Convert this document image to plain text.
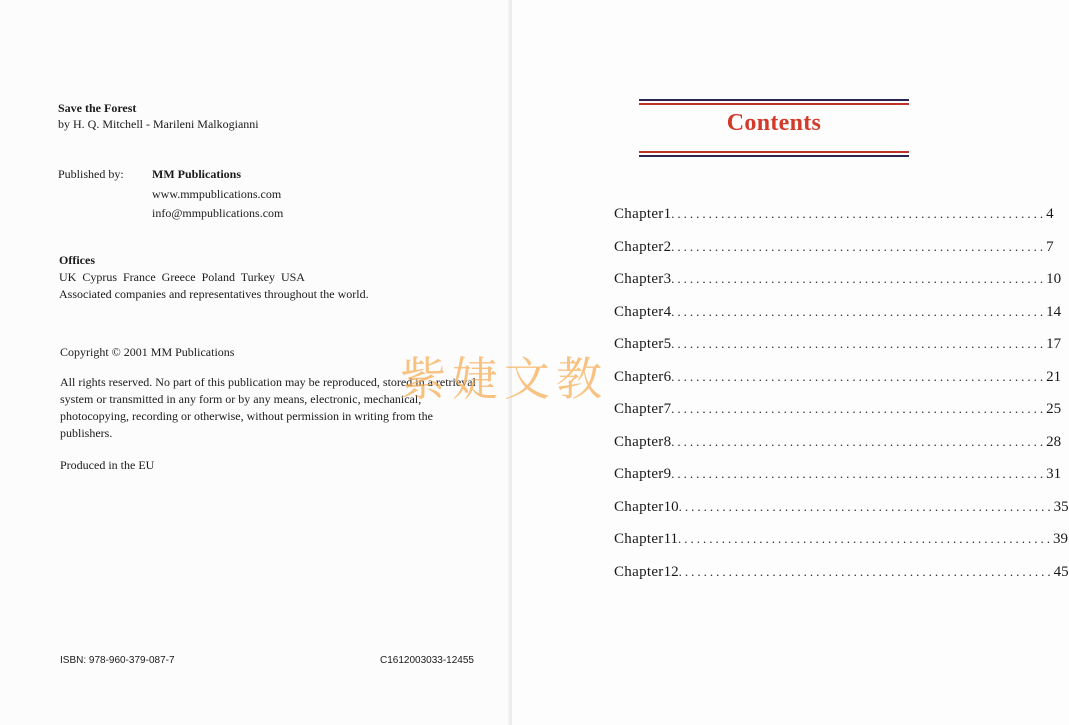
Save the Forest
by H. Q. Mitchell - Marileni Malkogianni
Published by: MM Publications
www.mmpublications.com
info@mmpublications.com
Offices
UK Cyprus France Greece Poland Turkey USA
Associated companies and representatives throughout the world.
Copyright © 2001 MM Publications
All rights reserved. No part of this publication may be reproduced, stored in a retrieval system or transmitted in any form or by any means, electronic, mechanical, photocopying, recording or otherwise, without permission in writing from the publishers.
Produced in the EU
ISBN: 978-960-379-087-7	C1612003033-12455
Contents
Chapter 1 ............................................................ 4
Chapter 2 ............................................................ 7
Chapter 3 ............................................................ 10
Chapter 4 ............................................................ 14
Chapter 5 ............................................................ 17
Chapter 6 ............................................................ 21
Chapter 7 ............................................................ 25
Chapter 8 ............................................................ 28
Chapter 9 ............................................................ 31
Chapter 10 ............................................................ 35
Chapter 11 ............................................................ 39
Chapter 12 ............................................................ 45
紫婕文教
